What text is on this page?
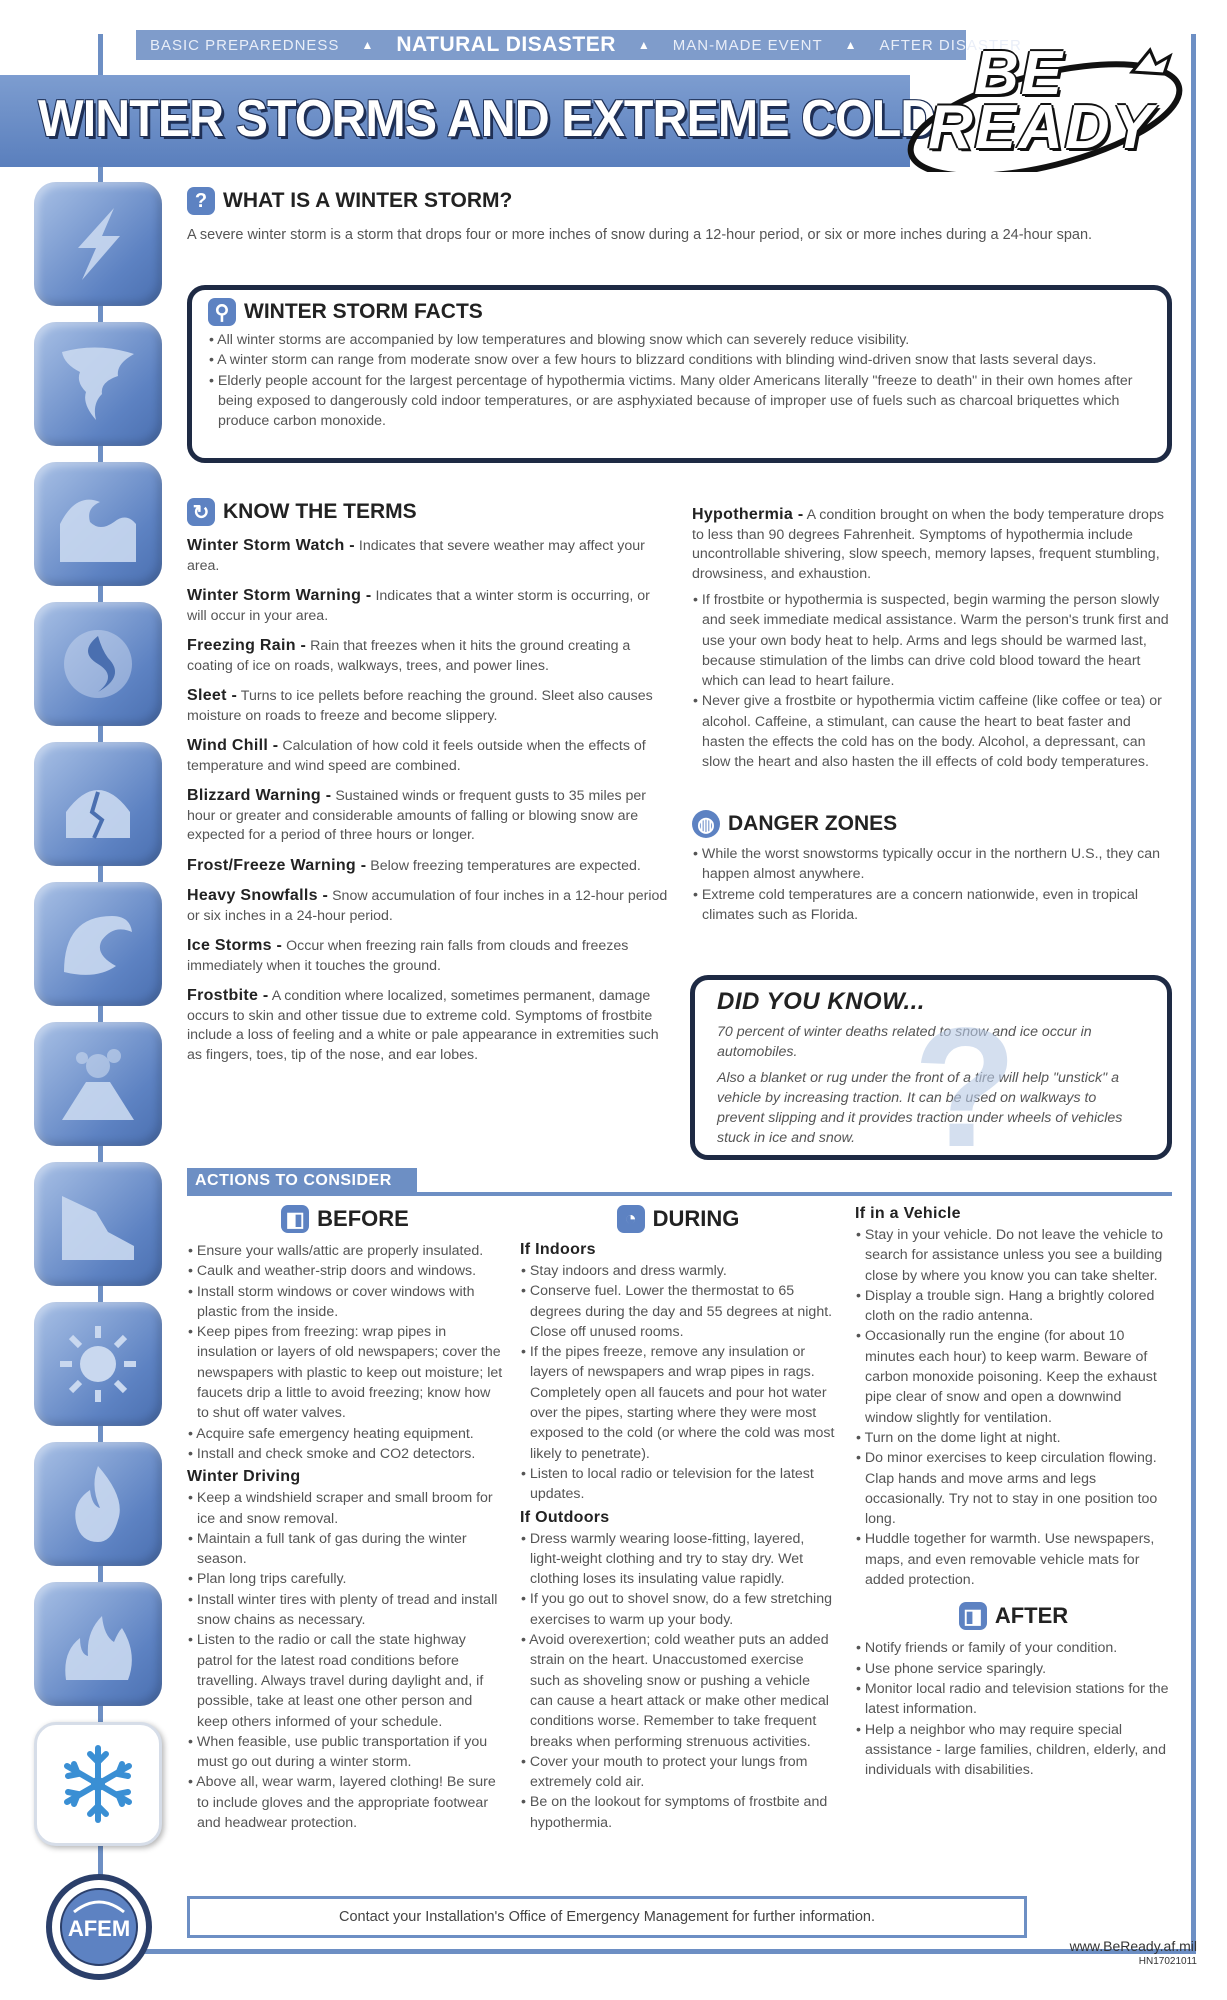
BASIC PREPAREDNESS ▲ NATURAL DISASTER ▲ MAN-MADE EVENT ▲ AFTER DISASTER
WINTER STORMS AND EXTREME COLD
BE
READY
? WHAT IS A WINTER STORM?

A severe winter storm is a storm that drops four or more inches of snow during a 12-hour period, or six or more inches during a 24-hour span.

⚲ WINTER STORM FACTS
• All winter storms are accompanied by low temperatures and blowing snow which can severely reduce visibility.
• A winter storm can range from moderate snow over a few hours to blizzard conditions with blinding wind-driven snow that lasts several days.
• Elderly people account for the largest percentage of hypothermia victims. Many older Americans literally "freeze to death" in their own homes after being exposed to dangerously cold indoor temperatures, or are asphyxiated because of improper use of fuels such as charcoal briquettes which produce carbon monoxide.
↻ KNOW THE TERMS

Winter Storm Watch - Indicates that severe weather may affect your area.

Winter Storm Warning - Indicates that a winter storm is occurring, or will occur in your area.

Freezing Rain - Rain that freezes when it hits the ground creating a coating of ice on roads, walkways, trees, and power lines.

Sleet - Turns to ice pellets before reaching the ground. Sleet also causes moisture on roads to freeze and become slippery.

Wind Chill - Calculation of how cold it feels outside when the effects of temperature and wind speed are combined.

Blizzard Warning - Sustained winds or frequent gusts to 35 miles per hour or greater and considerable amounts of falling or blowing snow are expected for a period of three hours or longer.

Frost/Freeze Warning - Below freezing temperatures are expected.

Heavy Snowfalls - Snow accumulation of four inches in a 12-hour period or six inches in a 24-hour period.

Ice Storms - Occur when freezing rain falls from clouds and freezes immediately when it touches the ground.

Frostbite - A condition where localized, sometimes permanent, damage occurs to skin and other tissue due to extreme cold. Symptoms of frostbite include a loss of feeling and a white or pale appearance in extremities such as fingers, toes, tip of the nose, and ear lobes.

Hypothermia - A condition brought on when the body temperature drops to less than 90 degrees Fahrenheit. Symptoms of hypothermia include uncontrollable shivering, slow speech, memory lapses, frequent stumbling, drowsiness, and exhaustion.

• If frostbite or hypothermia is suspected, begin warming the person slowly and seek immediate medical assistance. Warm the person's trunk first and use your own body heat to help. Arms and legs should be warmed last, because stimulation of the limbs can drive cold blood toward the heart which can lead to heart failure.
• Never give a frostbite or hypothermia victim caffeine (like coffee or tea) or alcohol. Caffeine, a stimulant, can cause the heart to beat faster and hasten the effects the cold has on the body. Alcohol, a depressant, can slow the heart and also hasten the ill effects of cold body temperatures.
◍ DANGER ZONES
• While the worst snowstorms typically occur in the northern U.S., they can happen almost anywhere.
• Extreme cold temperatures are a concern nationwide, even in tropical climates such as Florida.
?
DID YOU KNOW...

70 percent of winter deaths related to snow and ice occur in automobiles.

Also a blanket or rug under the front of a tire will help "unstick" a vehicle by increasing traction. It can be used on walkways to prevent slipping and it provides traction under wheels of vehicles stuck in ice and snow.

ACTIONS TO CONSIDER
◧ BEFORE
• Ensure your walls/attic are properly insulated.
• Caulk and weather-strip doors and windows.
• Install storm windows or cover windows with plastic from the inside.
• Keep pipes from freezing: wrap pipes in insulation or layers of old newspapers; cover the newspapers with plastic to keep out moisture; let faucets drip a little to avoid freezing; know how to shut off water valves.
• Acquire safe emergency heating equipment.
• Install and check smoke and CO2 detectors.
Winter Driving
• Keep a windshield scraper and small broom for ice and snow removal.
• Maintain a full tank of gas during the winter season.
• Plan long trips carefully.
• Install winter tires with plenty of tread and install snow chains as necessary.
• Listen to the radio or call the state highway patrol for the latest road conditions before travelling. Always travel during daylight and, if possible, take at least one other person and keep others informed of your schedule.
• When feasible, use public transportation if you must go out during a winter storm.
• Above all, wear warm, layered clothing! Be sure to include gloves and the appropriate footwear and headwear protection.
◔ DURING
If Indoors
• Stay indoors and dress warmly.
• Conserve fuel. Lower the thermostat to 65 degrees during the day and 55 degrees at night. Close off unused rooms.
• If the pipes freeze, remove any insulation or layers of newspapers and wrap pipes in rags. Completely open all faucets and pour hot water over the pipes, starting where they were most exposed to the cold (or where the cold was most likely to penetrate).
• Listen to local radio or television for the latest updates.
If Outdoors
• Dress warmly wearing loose-fitting, layered, light-weight clothing and try to stay dry. Wet clothing loses its insulating value rapidly.
• If you go out to shovel snow, do a few stretching exercises to warm up your body.
• Avoid overexertion; cold weather puts an added strain on the heart. Unaccustomed exercise such as shoveling snow or pushing a vehicle can cause a heart attack or make other medical conditions worse. Remember to take frequent breaks when performing strenuous activities.
• Cover your mouth to protect your lungs from extremely cold air.
• Be on the lookout for symptoms of frostbite and hypothermia.
If in a Vehicle
• Stay in your vehicle. Do not leave the vehicle to search for assistance unless you see a building close by where you know you can take shelter.
• Display a trouble sign. Hang a brightly colored cloth on the radio antenna.
• Occasionally run the engine (for about 10 minutes each hour) to keep warm. Beware of carbon monoxide poisoning. Keep the exhaust pipe clear of snow and open a downwind window slightly for ventilation.
• Turn on the dome light at night.
• Do minor exercises to keep circulation flowing. Clap hands and move arms and legs occasionally. Try not to stay in one position too long.
• Huddle together for warmth. Use newspapers, maps, and even removable vehicle mats for added protection.
◨ AFTER
• Notify friends or family of your condition.
• Use phone service sparingly.
• Monitor local radio and television stations for the latest information.
• Help a neighbor who may require special assistance - large families, children, elderly, and individuals with disabilities.
Contact your Installation's Office of Emergency Management for further information.
AFEM
www.BeReady.af.mil
HN17021011
